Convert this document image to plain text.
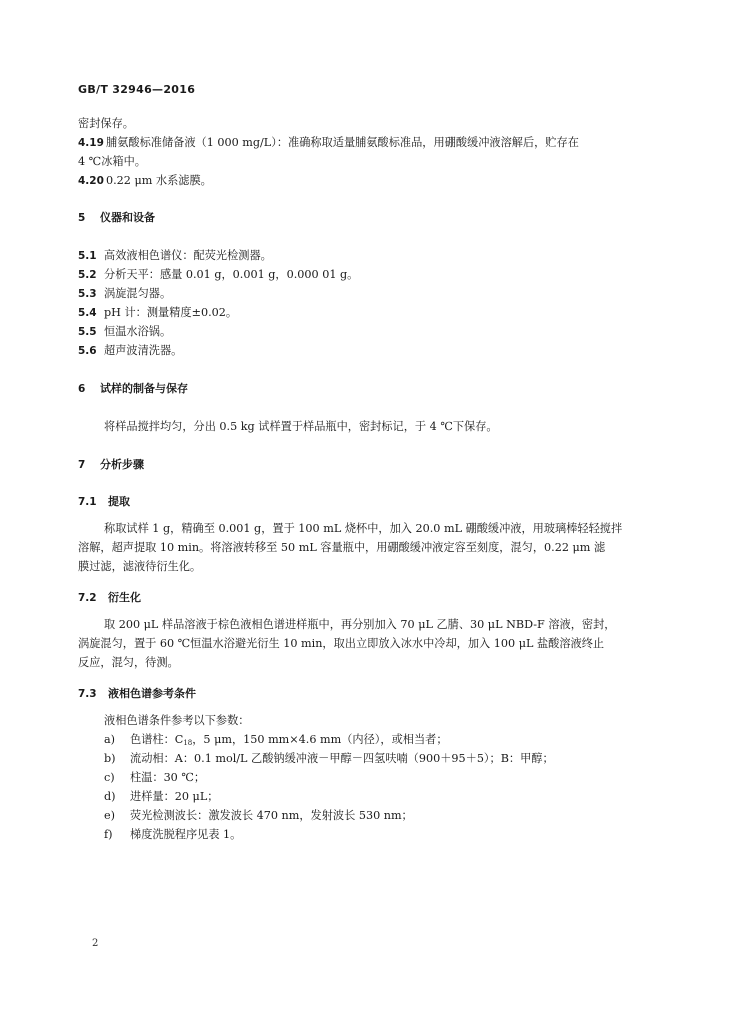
GB/T 32946—2016
密封保存。
4.19 脯氨酸标准储备液（1 000 mg/L）：准确称取适量脯氨酸标准品，用硼酸缓冲液溶解后，贮存在
4 ℃冰箱中。
4.20 0.22 μm 水系滤膜。
5 仪器和设备
5.1 高效液相色谱仪：配荧光检测器。
5.2 分析天平：感量 0.01 g，0.001 g，0.000 01 g。
5.3 涡旋混匀器。
5.4 pH 计：测量精度±0.02。
5.5 恒温水浴锅。
5.6 超声波清洗器。
6 试样的制备与保存
将样品搅拌均匀，分出 0.5 kg 试样置于样品瓶中，密封标记，于 4 ℃下保存。
7 分析步骤
7.1 提取
称取试样 1 g，精确至 0.001 g，置于 100 mL 烧杯中，加入 20.0 mL 硼酸缓冲液，用玻璃棒轻轻搅拌
溶解，超声提取 10 min。将溶液转移至 50 mL 容量瓶中，用硼酸缓冲液定容至刻度，混匀，0.22 μm 滤
膜过滤，滤液待衍生化。
7.2 衍生化
取 200 μL 样品溶液于棕色液相色谱进样瓶中，再分别加入 70 μL 乙腈、30 μL NBD-F 溶液，密封，
涡旋混匀，置于 60 ℃恒温水浴避光衍生 10 min，取出立即放入冰水中冷却，加入 100 μL 盐酸溶液终止
反应，混匀，待测。
7.3 液相色谱参考条件
液相色谱条件参考以下参数：
a) 色谱柱：$C_{18}$，5 μm，150 mm×4.6 mm（内径），或相当者；
b) 流动相：A：0.1 mol/L 乙酸钠缓冲液－甲醇－四氢呋喃（900＋95＋5）；B：甲醇；
c) 柱温：30 ℃；
d) 进样量：20 μL；
e) 荧光检测波长：激发波长 470 nm，发射波长 530 nm；
f) 梯度洗脱程序见表 1。
2
